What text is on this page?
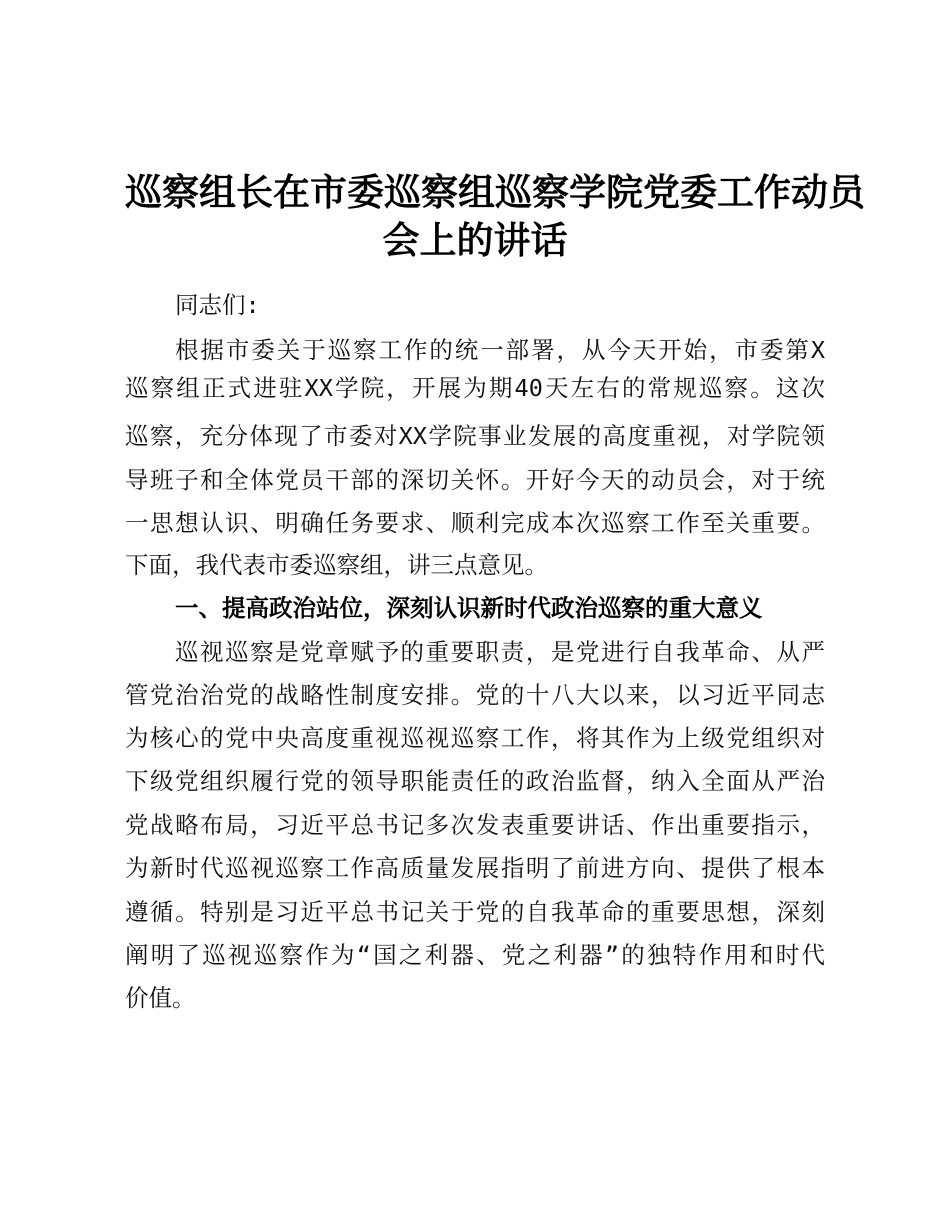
巡察组长在市委巡察组巡察学院党委工作动员
会上的讲话
同志们:
根据市委关于巡察工作的统一部署，从今天开始，市委第X
巡察组正式进驻XX学院，开展为期40天左右的常规巡察。这次
巡察，充分体现了市委对XX学院事业发展的高度重视，对学院领
导班子和全体党员干部的深切关怀。开好今天的动员会，对于统
一思想认识、明确任务要求、顺利完成本次巡察工作至关重要。
下面，我代表市委巡察组，讲三点意见。
一、提高政治站位，深刻认识新时代政治巡察的重大意义
巡视巡察是党章赋予的重要职责，是党进行自我革命、从严
管党治治党的战略性制度安排。党的十八大以来，以习近平同志
为核心的党中央高度重视巡视巡察工作，将其作为上级党组织对
下级党组织履行党的领导职能责任的政治监督，纳入全面从严治
党战略布局，习近平总书记多次发表重要讲话、作出重要指示，
为新时代巡视巡察工作高质量发展指明了前进方向、提供了根本
遵循。特别是习近平总书记关于党的自我革命的重要思想，深刻
阐明了巡视巡察作为“国之利器、党之利器”的独特作用和时代
价值。
